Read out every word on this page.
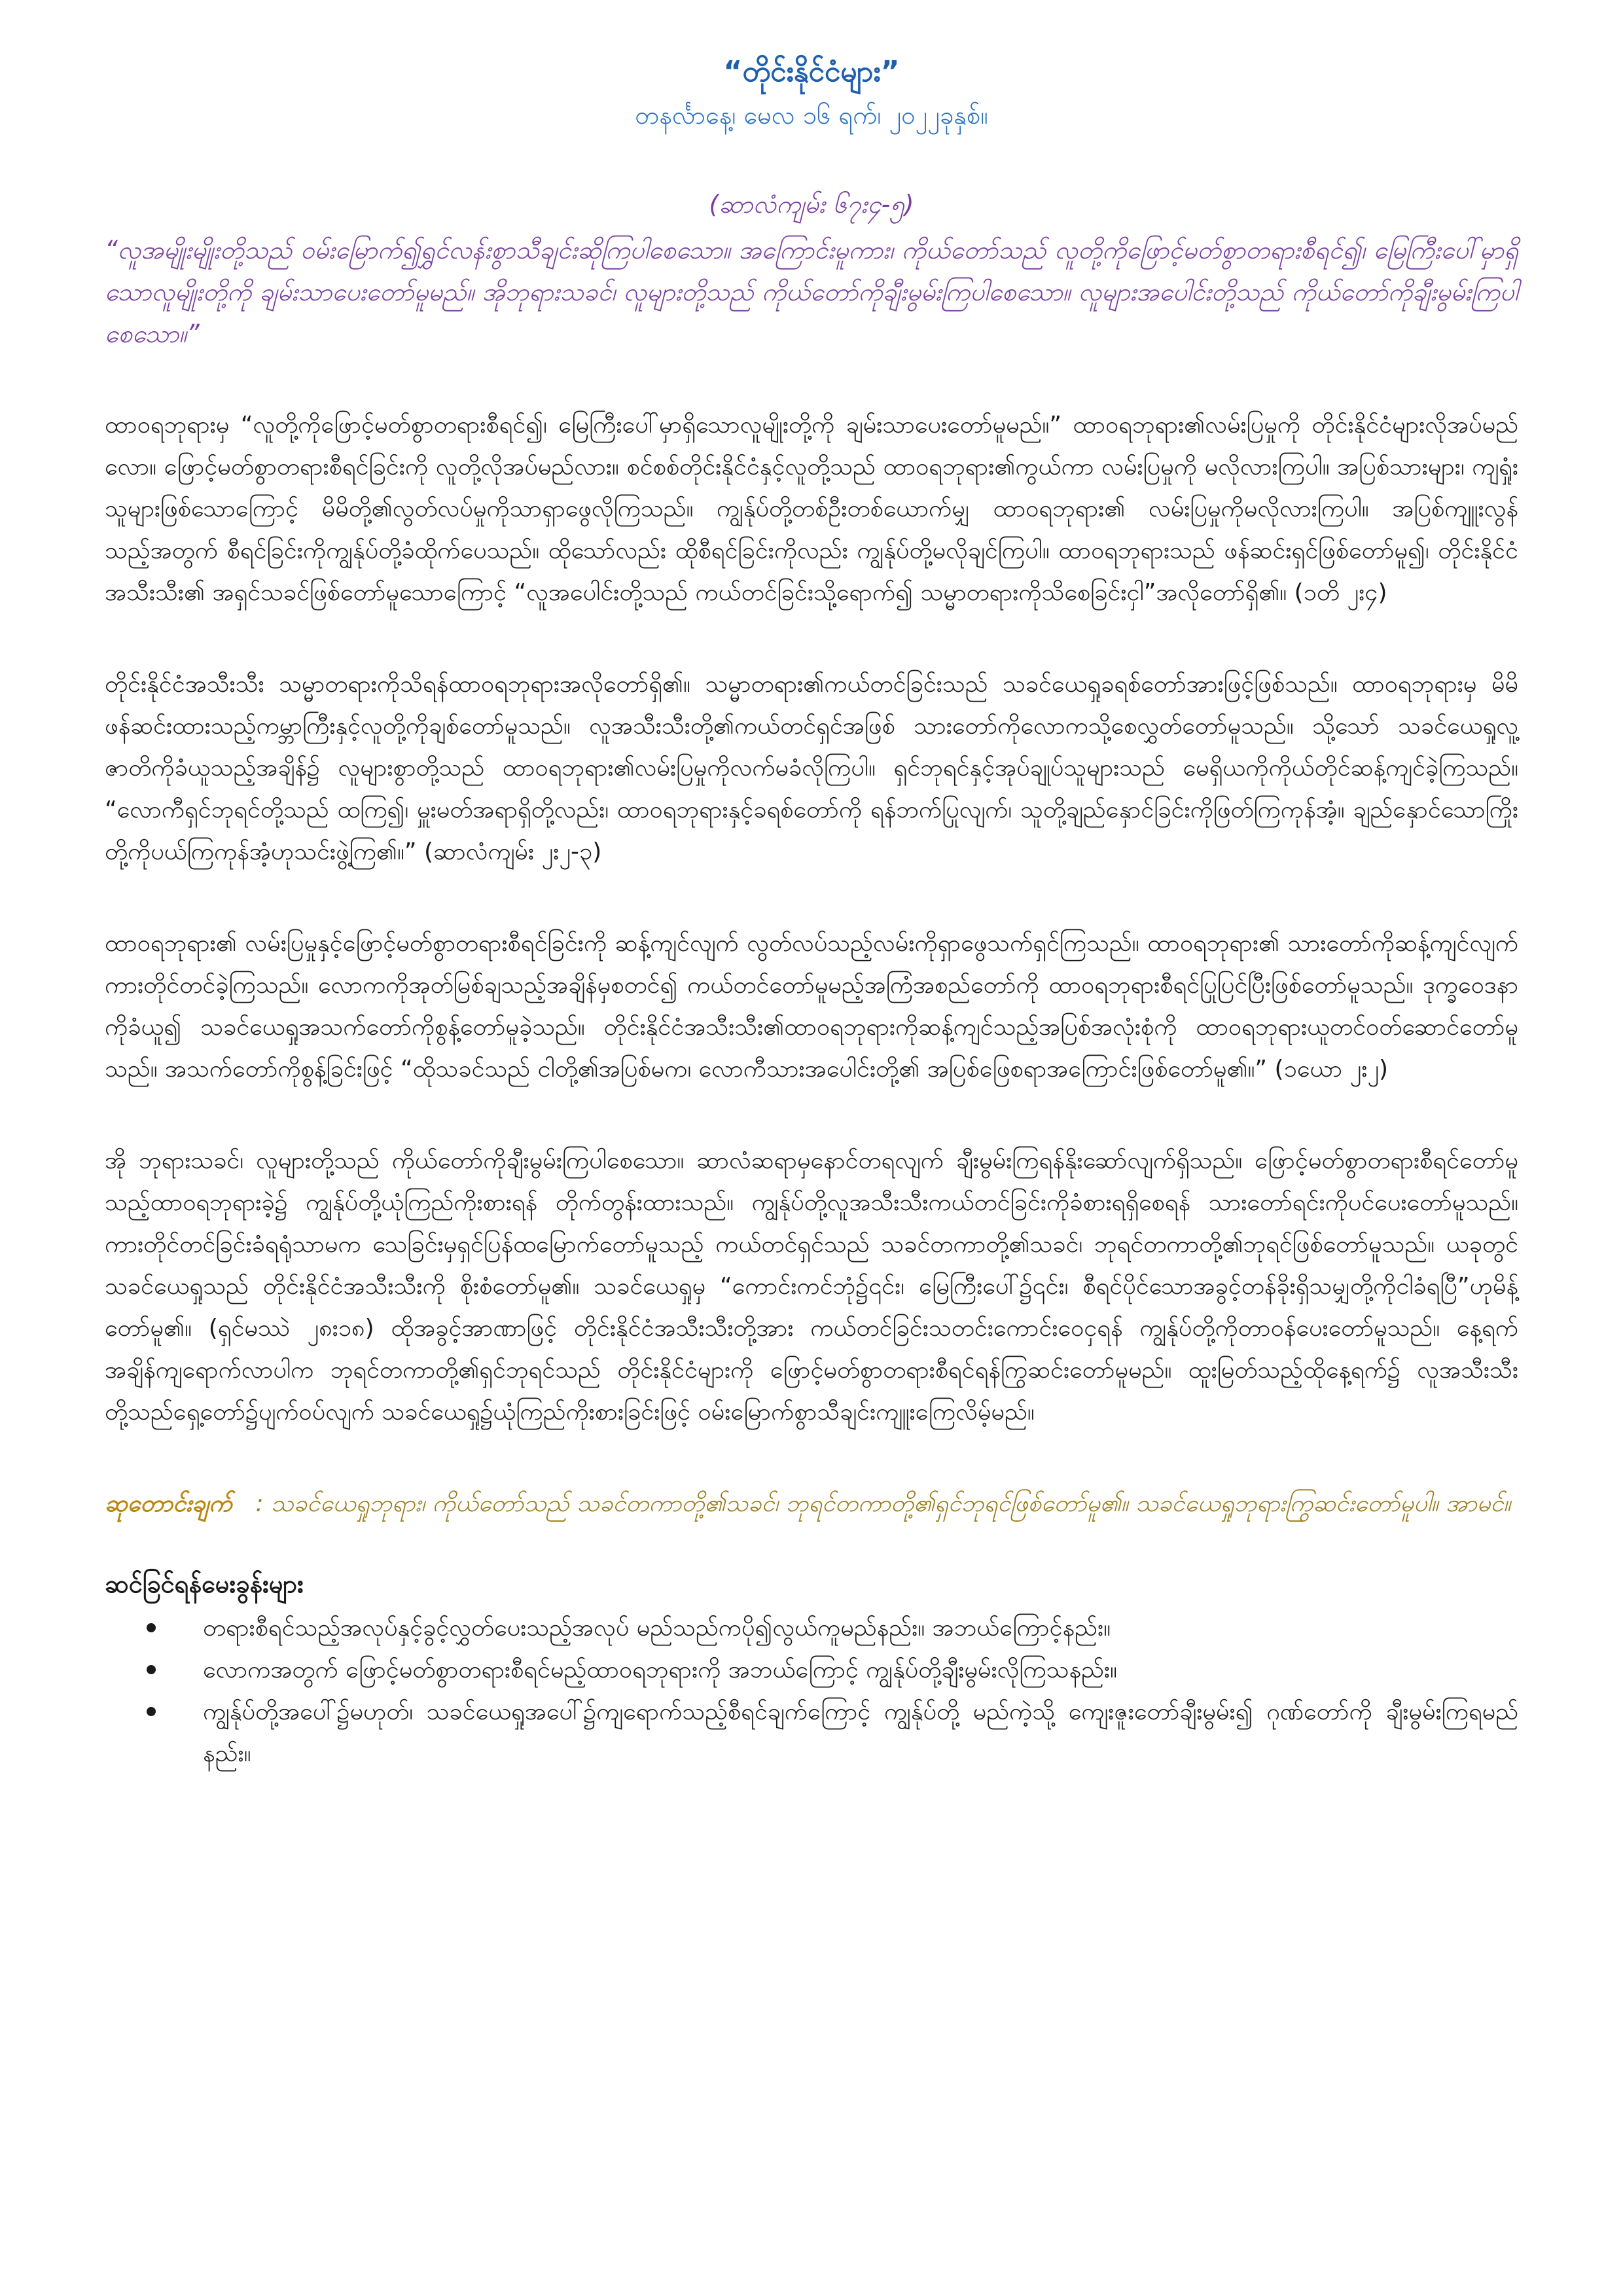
“တိုင်းနိုင်ငံများ”

တနင်္လာနေ့၊ မေလ ၁၆ ရက်၊ ၂၀၂၂ခုနှစ်။

(ဆာလံကျမ်း ၆၇း၄-၅)

“လူအမျိုးမျိုးတို့သည် ဝမ်းမြောက်၍ရွှင်လန်းစွာသီချင်းဆိုကြပါစေသော။ အကြောင်းမူကား၊ ကိုယ်တော်သည် လူတို့ကိုဖြောင့်မတ်စွာတရားစီရင်၍၊ မြေကြီးပေါ်မှာရှိသောလူမျိုးတို့ကို ချမ်းသာပေးတော်မူမည်။ အိုဘုရားသခင်၊ လူများတို့သည် ကိုယ်တော်ကိုချီးမွမ်းကြပါစေသော။ လူများအပေါင်းတို့သည် ကိုယ်တော်ကိုချီးမွမ်းကြပါစေသော။”

ထာဝရဘုရားမှ “လူတို့ကိုဖြောင့်မတ်စွာတရားစီရင်၍၊ မြေကြီးပေါ်မှာရှိသောလူမျိုးတို့ကို ချမ်းသာပေးတော်မူမည်။” ထာဝရဘုရား၏လမ်းပြမှုကို တိုင်းနိုင်ငံများလိုအပ်မည်လော။ ဖြောင့်မတ်စွာတရားစီရင်ခြင်းကို လူတို့လိုအပ်မည်လား။ စင်စစ်တိုင်းနိုင်ငံနှင့်လူတို့သည် ထာဝရဘုရား၏ကွယ်ကာ လမ်းပြမှုကို မလိုလားကြပါ။ အပြစ်သားများ၊ ကျရှုံးသူများဖြစ်သောကြောင့် မိမိတို့၏လွတ်လပ်မှုကိုသာရှာဖွေလိုကြသည်။ ကျွန်ုပ်တို့တစ်ဦးတစ်ယောက်မျှ ထာဝရဘုရား၏ လမ်းပြမှုကိုမလိုလားကြပါ။ အပြစ်ကျူးလွန်သည့်အတွက် စီရင်ခြင်းကိုကျွန်ုပ်တို့ခံထိုက်ပေသည်။ ထိုသော်လည်း ထိုစီရင်ခြင်းကိုလည်း ကျွန်ုပ်တို့မလိုချင်ကြပါ။ ထာဝရဘုရားသည် ဖန်ဆင်းရှင်ဖြစ်တော်မူ၍၊ တိုင်းနိုင်ငံအသီးသီး၏ အရှင်သခင်ဖြစ်တော်မူသောကြောင့် “လူအပေါင်းတို့သည် ကယ်တင်ခြင်းသို့ရောက်၍ သမ္မာတရားကိုသိစေခြင်းငှါ”အလိုတော်ရှိ၏။ (၁တိ ၂း၄)

တိုင်းနိုင်ငံအသီးသီး သမ္မာတရားကိုသိရန်ထာဝရဘုရားအလိုတော်ရှိ၏။ သမ္မာတရား၏ကယ်တင်ခြင်းသည် သခင်ယေရှုခရစ်တော်အားဖြင့်ဖြစ်သည်။ ထာဝရဘုရားမှ မိမိဖန်ဆင်းထားသည့်ကမ္ဘာကြီးနှင့်လူတို့ကိုချစ်တော်မူသည်။ လူအသီးသီးတို့၏ကယ်တင်ရှင်အဖြစ် သားတော်ကိုလောကသို့စေလွှတ်တော်မူသည်။ သို့သော် သခင်ယေရှုလူ့ဇာတိကိုခံယူသည့်အချိန်၌ လူများစွာတို့သည် ထာဝရဘုရား၏လမ်းပြမှုကိုလက်မခံလိုကြပါ။ ရှင်ဘုရင်နှင့်အုပ်ချုပ်သူများသည် မေရှိယကိုကိုယ်တိုင်ဆန့်ကျင်ခဲ့ကြသည်။ “လောကီရှင်ဘုရင်တို့သည် ထကြ၍၊ မှူးမတ်အရာရှိတို့လည်း၊ ထာဝရဘုရားနှင့်ခရစ်တော်ကို ရန်ဘက်ပြုလျက်၊ သူတို့ချည်နှောင်ခြင်းကိုဖြတ်ကြကုန်အံ့။ ချည်နှောင်သောကြိုးတို့ကိုပယ်ကြကုန်အံ့ဟုသင်းဖွဲ့ကြ၏။” (ဆာလံကျမ်း ၂း၂-၃)

ထာဝရဘုရား၏ လမ်းပြမှုနှင့်ဖြောင့်မတ်စွာတရားစီရင်ခြင်းကို ဆန့်ကျင်လျက် လွတ်လပ်သည့်လမ်းကိုရှာဖွေသက်ရှင်ကြသည်။ ထာဝရဘုရား၏ သားတော်ကိုဆန့်ကျင်လျက် ကားတိုင်တင်ခဲ့ကြသည်။ လောကကိုအုတ်မြစ်ချသည့်အချိန်မှစတင်၍ ကယ်တင်တော်မူမည့်အကြံအစည်တော်ကို ထာဝရဘုရားစီရင်ပြုပြင်ပြီးဖြစ်တော်မူသည်။ ဒုက္ခဝေဒနာကိုခံယူ၍ သခင်ယေရှုအသက်တော်ကိုစွန့်တော်မူခဲ့သည်။ တိုင်းနိုင်ငံအသီးသီး၏ထာဝရဘုရားကိုဆန့်ကျင်သည့်အပြစ်အလုံးစုံကို ထာဝရဘုရားယူတင်ဝတ်ဆောင်တော်မူသည်။ အသက်တော်ကိုစွန့်ခြင်းဖြင့် “ထိုသခင်သည် ငါတို့၏အပြစ်မက၊ လောကီသားအပေါင်းတို့၏ အပြစ်ဖြေစရာအကြောင်းဖြစ်တော်မူ၏။” (၁ယော ၂း၂)

အို ဘုရားသခင်၊ လူများတို့သည် ကိုယ်တော်ကိုချီးမွမ်းကြပါစေသော။ ဆာလံဆရာမှနောင်တရလျက် ချီးမွမ်းကြရန်နိုးဆော်လျက်ရှိသည်။ ဖြောင့်မတ်စွာတရားစီရင်တော်မူသည့်ထာဝရဘုရားခဲ့၌ ကျွန်ုပ်တို့ယုံကြည်ကိုးစားရန် တိုက်တွန်းထားသည်။ ကျွန်ုပ်တို့လူအသီးသီးကယ်တင်ခြင်းကိုခံစားရရှိစေရန် သားတော်ရင်းကိုပင်ပေးတော်မူသည်။ ကားတိုင်တင်ခြင်းခံရရုံသာမက သေခြင်းမှရှင်ပြန်ထမြောက်တော်မူသည့် ကယ်တင်ရှင်သည် သခင်တကာတို့၏သခင်၊ ဘုရင်တကာတို့၏ဘုရင်ဖြစ်တော်မူသည်။ ယခုတွင် သခင်ယေရှုသည် တိုင်းနိုင်ငံအသီးသီးကို စိုးစံတော်မူ၏။ သခင်ယေရှုမှ “ကောင်းကင်ဘုံ၌၎င်း၊ မြေကြီးပေါ်၌၎င်း၊ စီရင်ပိုင်သောအခွင့်တန်ခိုးရှိသမျှတို့ကိုငါခံရပြီ”ဟုမိန့်တော်မူ၏။ (ရှင်မဿဲ ၂၈း၁၈) ထိုအခွင့်အာဏာဖြင့် တိုင်းနိုင်ငံအသီးသီးတို့အား ကယ်တင်ခြင်းသတင်းကောင်းဝေငှရန် ကျွန်ုပ်တို့ကိုတာဝန်ပေးတော်မူသည်။ နေ့ရက်အချိန်ကျရောက်လာပါက ဘုရင်တကာတို့၏ရှင်ဘုရင်သည် တိုင်းနိုင်ငံများကို ဖြောင့်မတ်စွာတရားစီရင်ရန်ကြွဆင်းတော်မူမည်။ ထူးမြတ်သည့်ထိုနေ့ရက်၌ လူအသီးသီးတို့သည်ရှေ့တော်၌ပျက်ဝပ်လျက် သခင်ယေရှု၌ယုံကြည်ကိုးစားခြင်းဖြင့် ဝမ်းမြောက်စွာသီချင်းကျူးကြေလိမ့်မည်။

ဆုတောင်းချက် : သခင်ယေရှုဘုရား၊ ကိုယ်တော်သည် သခင်တကာတို့၏သခင်၊ ဘုရင်တကာတို့၏ရှင်ဘုရင်ဖြစ်တော်မူ၏။ သခင်ယေရှုဘုရားကြွဆင်းတော်မူပါ။ အာမင်။

ဆင်ခြင်ရန်မေးခွန်းများ
တရားစီရင်သည့်အလုပ်နှင့်ခွင့်လွှတ်ပေးသည့်အလုပ် မည်သည်ကပို၍လွယ်ကူမည်နည်း။ အဘယ်ကြောင့်နည်း။
လောကအတွက် ဖြောင့်မတ်စွာတရားစီရင်မည့်ထာဝရဘုရားကို အဘယ်ကြောင့် ကျွန်ုပ်တို့ချီးမွမ်းလိုကြသနည်း။
ကျွန်ုပ်တို့အပေါ်၌မဟုတ်၊ သခင်ယေရှုအပေါ်၌ကျရောက်သည့်စီရင်ချက်ကြောင့် ကျွန်ုပ်တို့ မည်ကဲ့သို့ ကျေးဇူးတော်ချီးမွမ်း၍ ဂုဏ်တော်ကို ချီးမွမ်းကြရမည်နည်း။
